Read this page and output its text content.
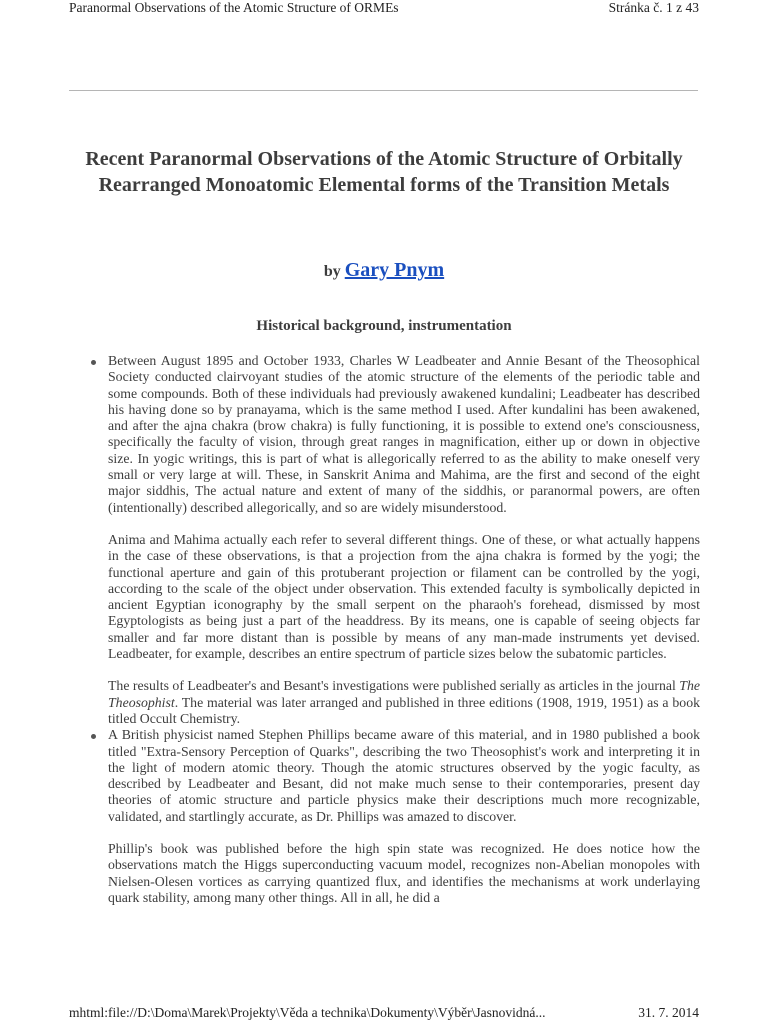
Paranormal Observations of the Atomic Structure of ORMEs	Stránka č. 1 z 43
Recent Paranormal Observations of the Atomic Structure of Orbitally Rearranged Monoatomic Elemental forms of the Transition Metals
by Gary Pnym
Historical background, instrumentation

Between August 1895 and October 1933, Charles W Leadbeater and Annie Besant of the Theosophical Society conducted clairvoyant studies of the atomic structure of the elements of the periodic table and some compounds. Both of these individuals had previously awakened kundalini; Leadbeater has described his having done so by pranayama, which is the same method I used. After kundalini has been awakened, and after the ajna chakra (brow chakra) is fully functioning, it is possible to extend one's consciousness, specifically the faculty of vision, through great ranges in magnification, either up or down in objective size. In yogic writings, this is part of what is allegorically referred to as the ability to make oneself very small or very large at will. These, in Sanskrit Anima and Mahima, are the first and second of the eight major siddhis, The actual nature and extent of many of the siddhis, or paranormal powers, are often (intentionally) described allegorically, and so are widely misunderstood.

Anima and Mahima actually each refer to several different things. One of these, or what actually happens in the case of these observations, is that a projection from the ajna chakra is formed by the yogi; the functional aperture and gain of this protuberant projection or filament can be controlled by the yogi, according to the scale of the object under observation. This extended faculty is symbolically depicted in ancient Egyptian iconography by the small serpent on the pharaoh's forehead, dismissed by most Egyptologists as being just a part of the headdress. By its means, one is capable of seeing objects far smaller and far more distant than is possible by means of any man-made instruments yet devised. Leadbeater, for example, describes an entire spectrum of particle sizes below the subatomic particles.

The results of Leadbeater's and Besant's investigations were published serially as articles in the journal The Theosophist. The material was later arranged and published in three editions (1908, 1919, 1951) as a book titled Occult Chemistry.

A British physicist named Stephen Phillips became aware of this material, and in 1980 published a book titled "Extra-Sensory Perception of Quarks", describing the two Theosophist's work and interpreting it in the light of modern atomic theory. Though the atomic structures observed by the yogic faculty, as described by Leadbeater and Besant, did not make much sense to their contemporaries, present day theories of atomic structure and particle physics make their descriptions much more recognizable, validated, and startlingly accurate, as Dr. Phillips was amazed to discover.

Phillip's book was published before the high spin state was recognized. He does notice how the observations match the Higgs superconducting vacuum model, recognizes non-Abelian monopoles with Nielsen-Olesen vortices as carrying quantized flux, and identifies the mechanisms at work underlaying quark stability, among many other things. All in all, he did a

mhtml:file://D:\Doma\Marek\Projekty\Věda a technika\Dokumenty\Výběr\Jasnovidná...	31. 7. 2014
